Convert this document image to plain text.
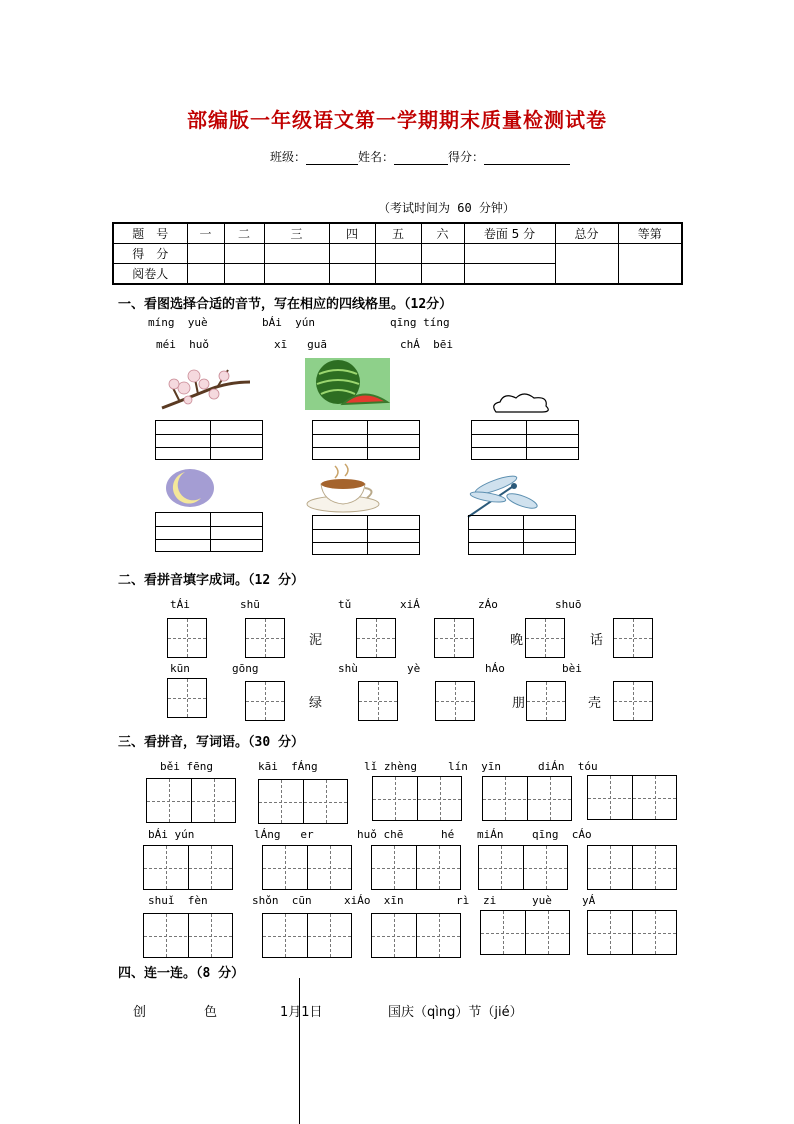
部编版一年级语文第一学期期末质量检测试卷
班级：	姓名：	得分：
（考试时间为 60 分钟）
题　号	一	二	三	四	五	六	卷面 5 分	总分	等第
得　分									
阅卷人									
一、看图选择合适的音节，写在相应的四线格里。（12分）
míng  yuè	bÁi  yún	qīng tíng
méi  huǒ	xī   guā	chÁ  bēi
二、看拼音填字成词。（12 分）
tÁi	shū	tǔ	xiÁ	zÁo	shuō
泥	晚	话
kūn	gōng	shù	yè	hÁo	bèi
绿	朋	壳
三、看拼音，写词语。（30 分）
běi fēng	kāi  fÁng	lǐ zhèng	lín  yīn	diÁn  tóu
bÁi yún	lÁng   er	huǒ chē	hé miÁn	qīng  cÁo
shuǐ  fèn	shǒn  cūn	xiÁo  xīn	rì zi	yuè	yÁ
四、连一连。（8 分）
创	色	1月1日	国庆（qìng）节（jié）
